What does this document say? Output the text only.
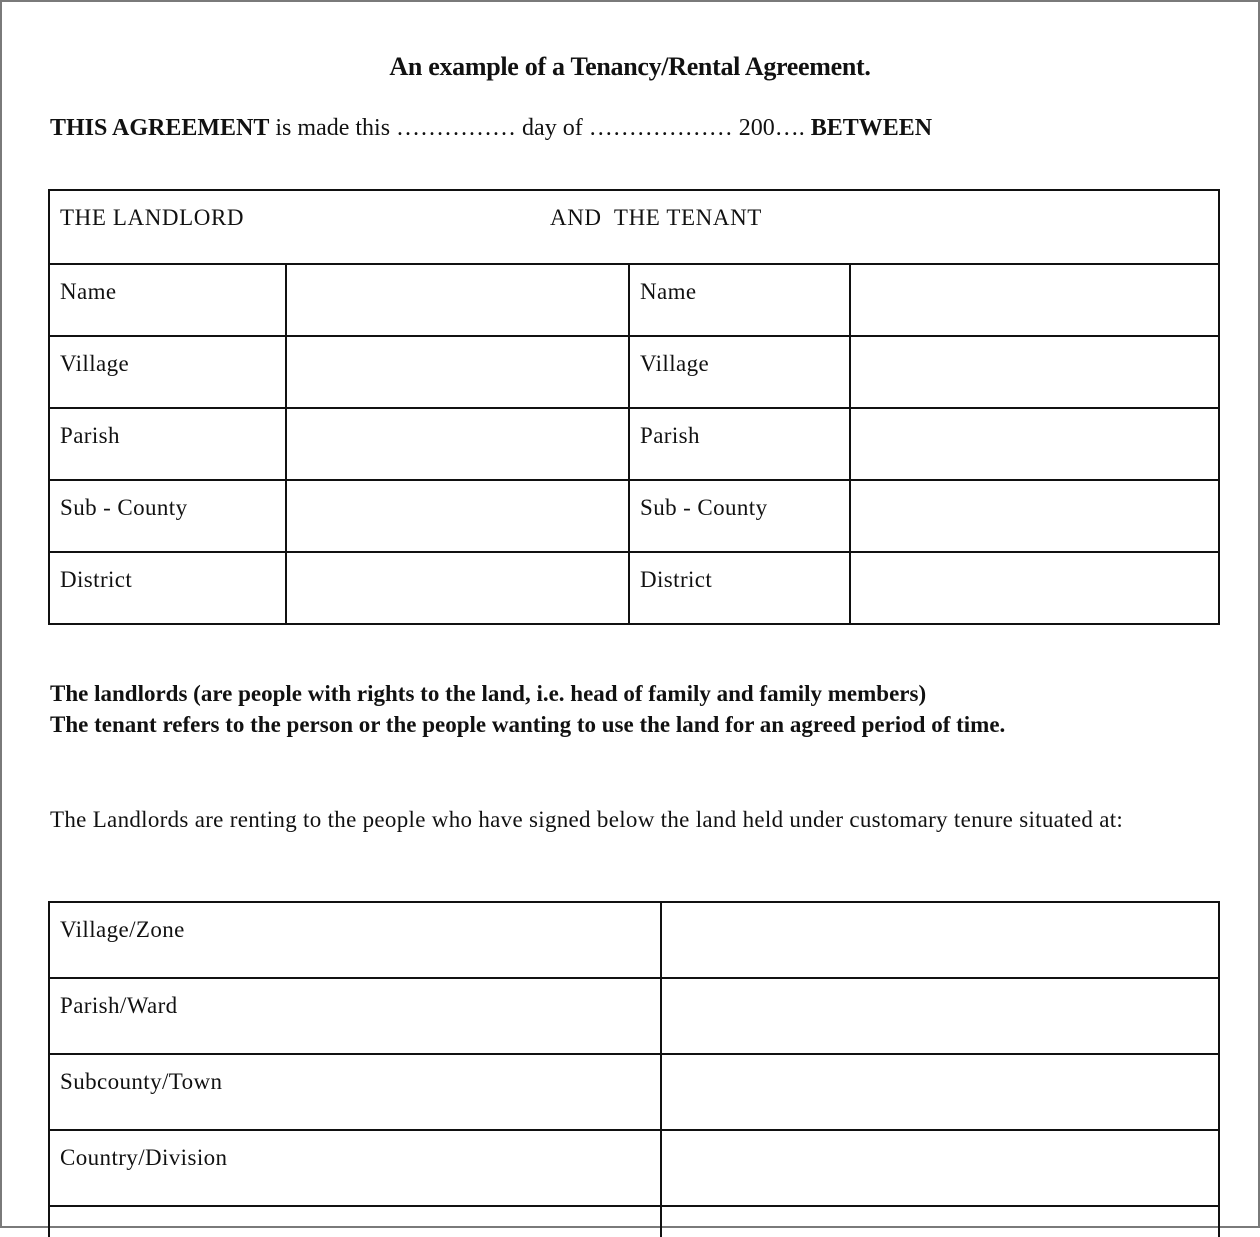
An example of a Tenancy/Rental Agreement.
THIS AGREEMENT is made this …………… day of ……………… 200…. BETWEEN
THE LANDLORD AND  THE TENANT			

Name		Name	

Village		Village	

Parish		Parish	

Sub - County		Sub - County	

District		District	

The landlords (are people with rights to the land, i.e. head of family and family members)
The tenant refers to the person or the people wanting to use the land for an agreed period of time.
The Landlords are renting to the people who have signed below the land held under customary tenure situated at:
Village/Zone	

Parish/Ward	

Subcounty/Town	

Country/Division	
